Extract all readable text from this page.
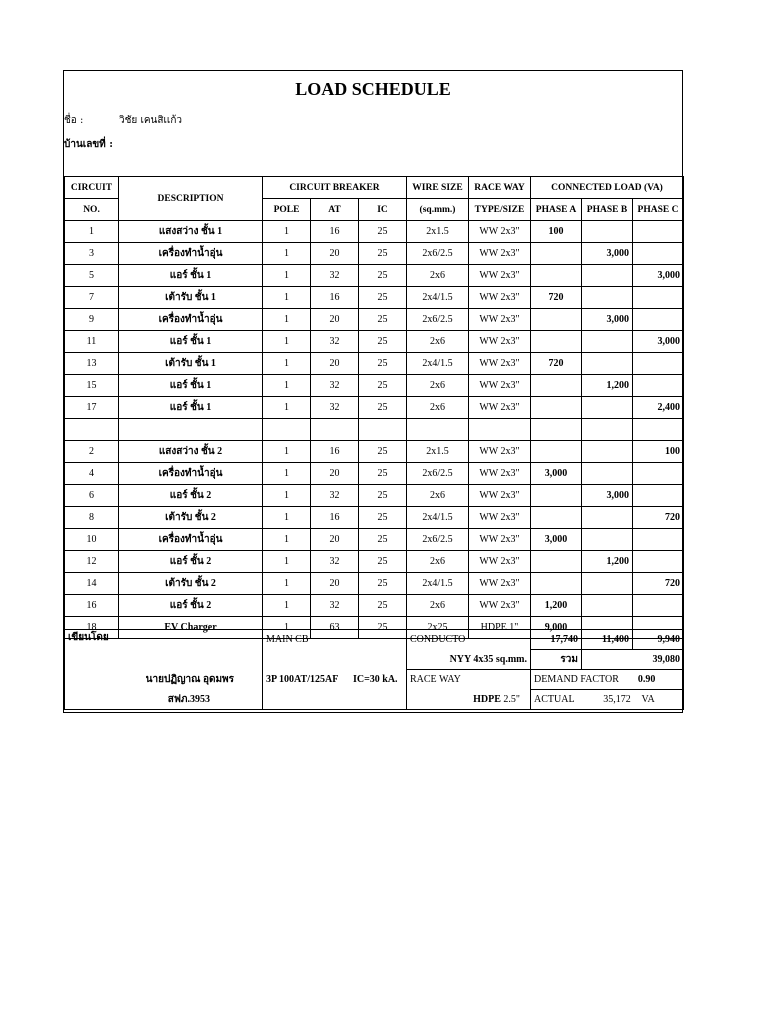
LOAD SCHEDULE
ชื่อ :	วิชัย เคนสิเเก้ว
บ้านเลขที่ :
CIRCUIT	DESCRIPTION	CIRCUIT BREAKER			WIRE SIZE	RACE WAY	CONNECTED LOAD (VA)		
NO.		POLE	AT	IC	(sq.mm.)	TYPE/SIZE	PHASE A	PHASE B	PHASE C
1	แสงสว่าง ชั้น 1	1	16	25	2x1.5	WW 2x3"	100		
3	เครื่องทำน้ำอุ่น	1	20	25	2x6/2.5	WW 2x3"		3,000	
5	แอร์ ชั้น 1	1	32	25	2x6	WW 2x3"			3,000
7	เต้ารับ ชั้น 1	1	16	25	2x4/1.5	WW 2x3"	720		
9	เครื่องทำน้ำอุ่น	1	20	25	2x6/2.5	WW 2x3"		3,000	
11	แอร์ ชั้น 1	1	32	25	2x6	WW 2x3"			3,000
13	เต้ารับ ชั้น 1	1	20	25	2x4/1.5	WW 2x3"	720		
15	แอร์ ชั้น 1	1	32	25	2x6	WW 2x3"		1,200	
17	แอร์ ชั้น 1	1	32	25	2x6	WW 2x3"			2,400

2	แสงสว่าง ชั้น 2	1	16	25	2x1.5	WW 2x3"			100
4	เครื่องทำน้ำอุ่น	1	20	25	2x6/2.5	WW 2x3"	3,000		
6	แอร์ ชั้น 2	1	32	25	2x6	WW 2x3"		3,000	
8	เต้ารับ ชั้น 2	1	16	25	2x4/1.5	WW 2x3"			720
10	เครื่องทำน้ำอุ่น	1	20	25	2x6/2.5	WW 2x3"	3,000		
12	แอร์ ชั้น 2	1	32	25	2x6	WW 2x3"		1,200	
14	เต้ารับ ชั้น 2	1	20	25	2x4/1.5	WW 2x3"			720
16	แอร์ ชั้น 2	1	32	25	2x6	WW 2x3"	1,200		
18	EV Charger	1	63	25	2x25	HDPE 1"	9,000		
เขียนโดย	MAIN CB	CONDUCTO	17,740	11,400	9,940
		NYY 4x35 sq.mm.	รวม	39,080	
นายปฏิญาณ อุดมพร	3P 100AT/125AF IC=30 kA.	RACE WAY	DEMAND FACTOR 0.90		
สฟภ.3953		HDPE 2.5"	ACTUAL 35,172 VA		
